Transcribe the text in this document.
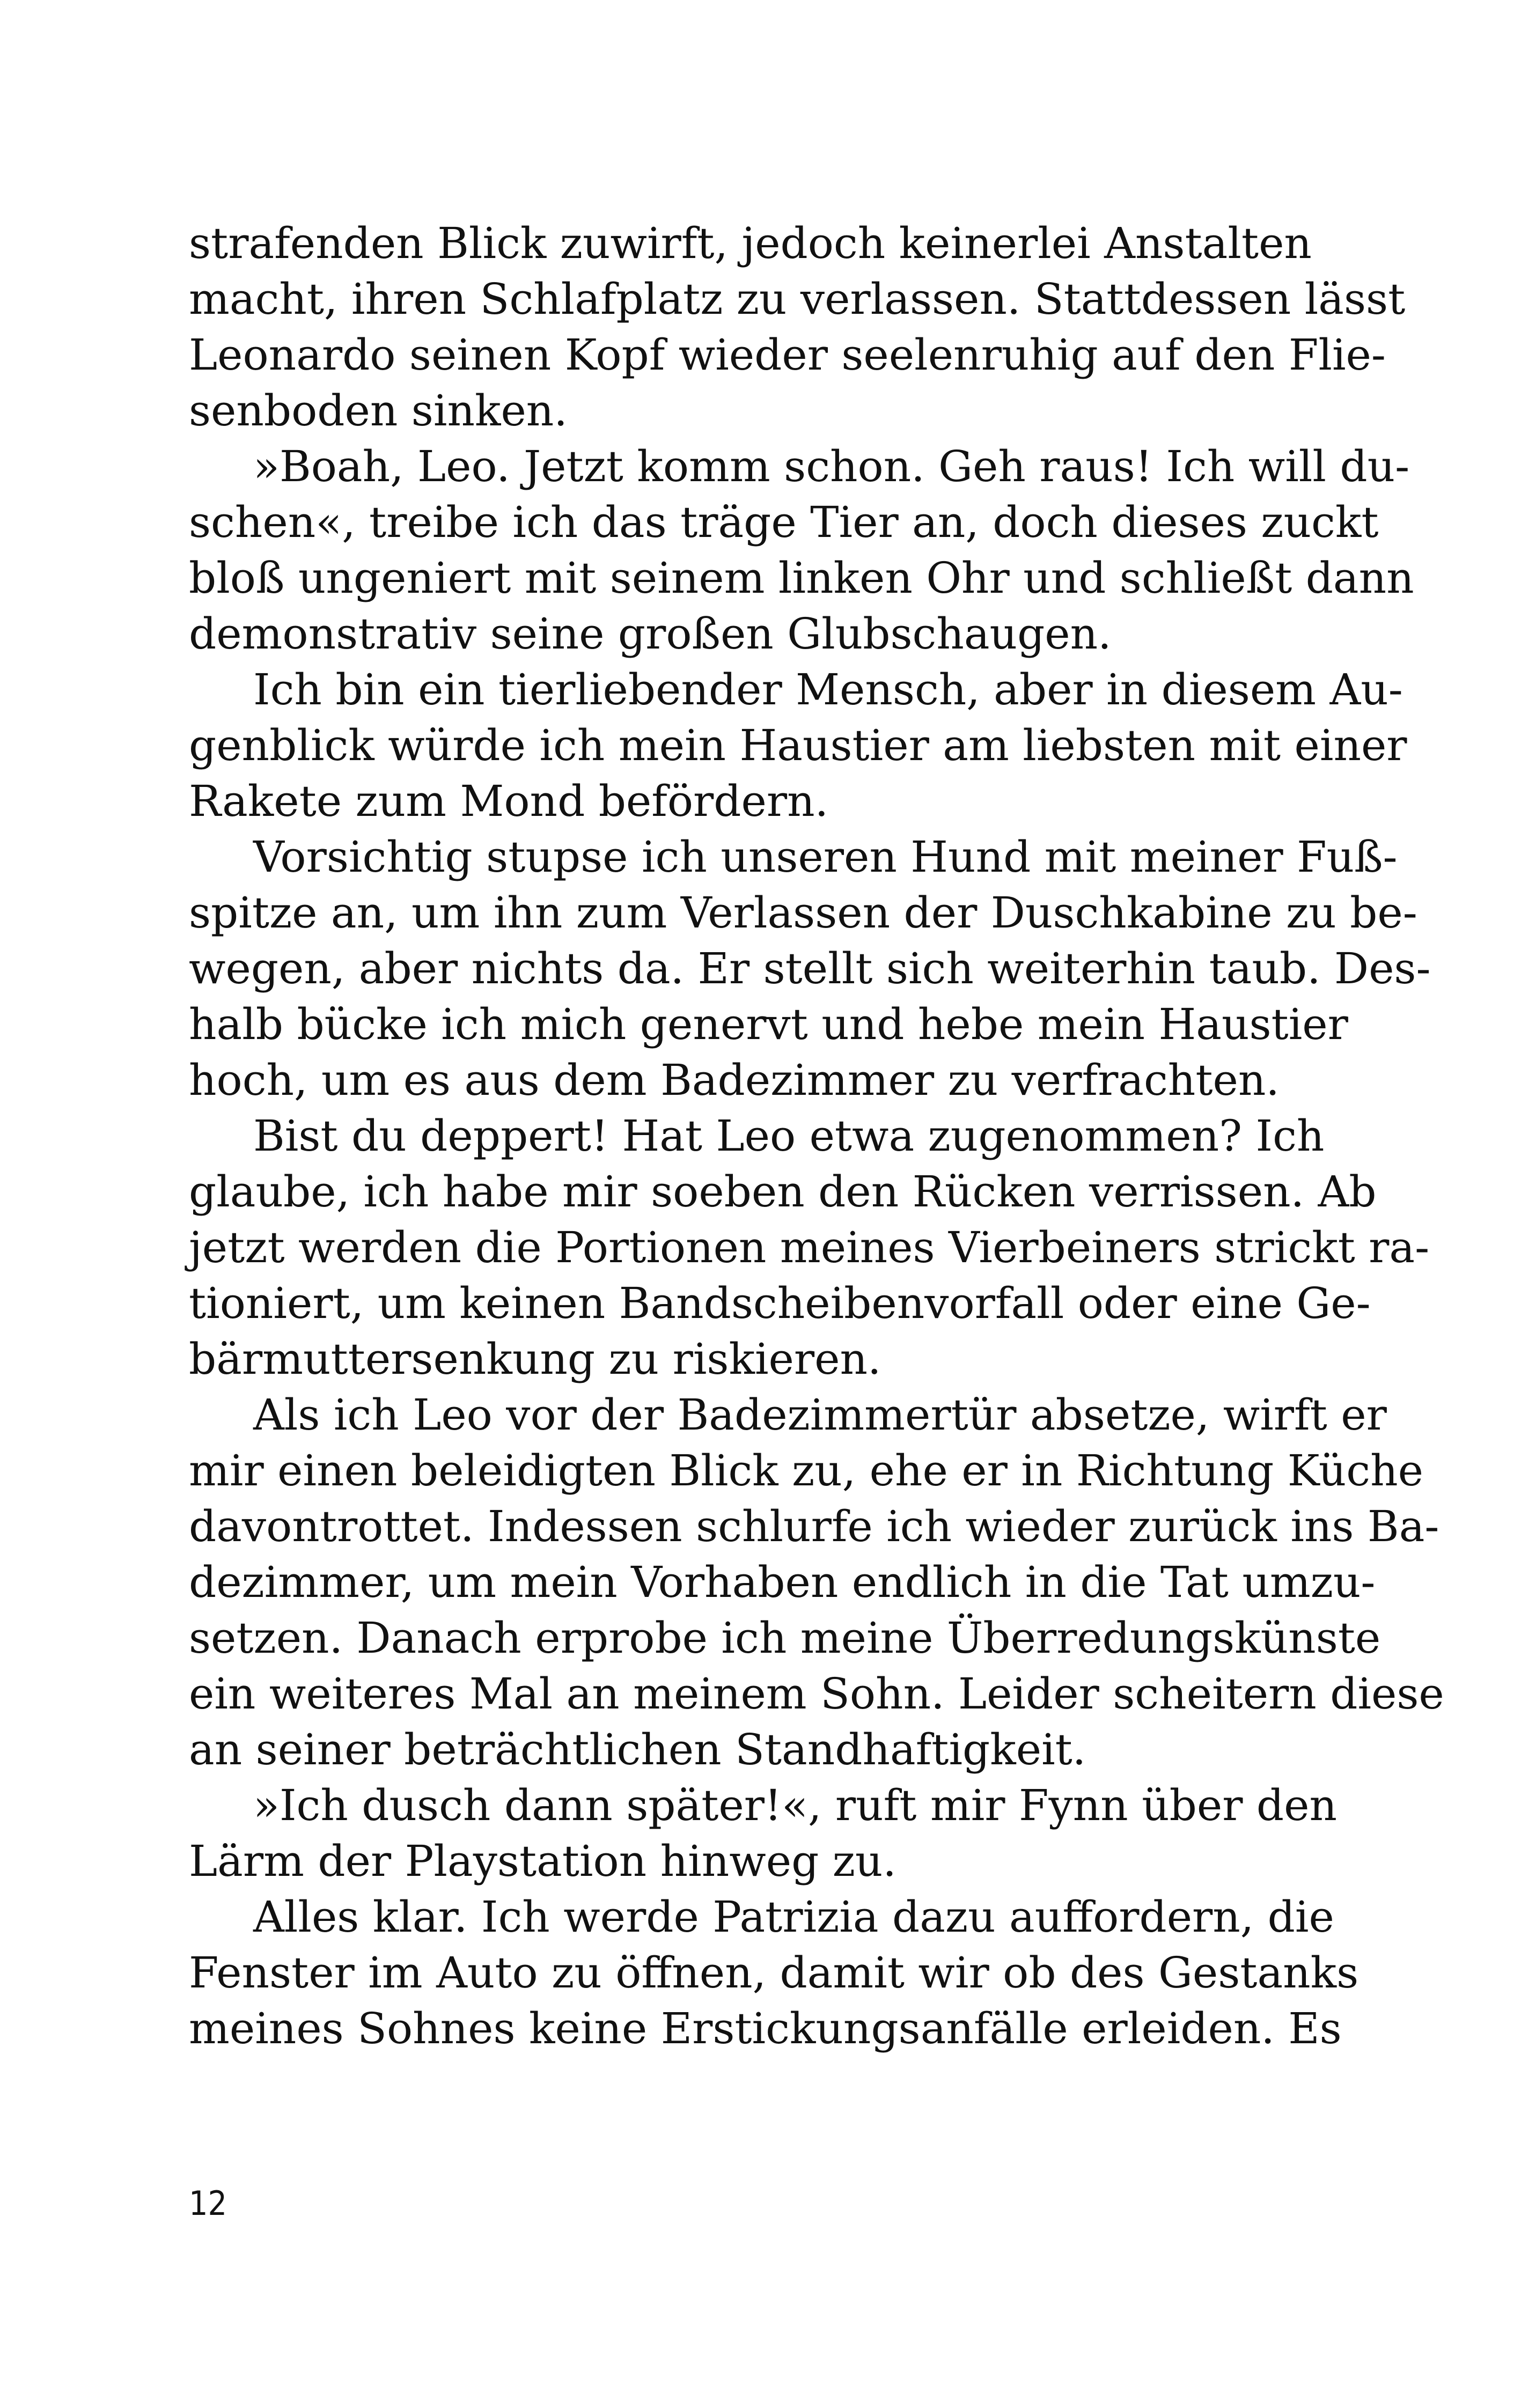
strafenden Blick zuwirft, jedoch keinerlei Anstalten
macht, ihren Schlafplatz zu verlassen. Stattdessen lässt
Leonardo seinen Kopf wieder seelenruhig auf den Flie-
senboden sinken.
»Boah, Leo. Jetzt komm schon. Geh raus! Ich will du-
schen«, treibe ich das träge Tier an, doch dieses zuckt
bloß ungeniert mit seinem linken Ohr und schließt dann
demonstrativ seine großen Glubschaugen.
Ich bin ein tierliebender Mensch, aber in diesem Au-
genblick würde ich mein Haustier am liebsten mit einer
Rakete zum Mond befördern.
Vorsichtig stupse ich unseren Hund mit meiner Fuß-
spitze an, um ihn zum Verlassen der Duschkabine zu be-
wegen, aber nichts da. Er stellt sich weiterhin taub. Des-
halb bücke ich mich genervt und hebe mein Haustier
hoch, um es aus dem Badezimmer zu verfrachten.
Bist du deppert! Hat Leo etwa zugenommen? Ich
glaube, ich habe mir soeben den Rücken verrissen. Ab
jetzt werden die Portionen meines Vierbeiners strickt ra-
tioniert, um keinen Bandscheibenvorfall oder eine Ge-
bärmuttersenkung zu riskieren.
Als ich Leo vor der Badezimmertür absetze, wirft er
mir einen beleidigten Blick zu, ehe er in Richtung Küche
davontrottet. Indessen schlurfe ich wieder zurück ins Ba-
dezimmer, um mein Vorhaben endlich in die Tat umzu-
setzen. Danach erprobe ich meine Überredungskünste
ein weiteres Mal an meinem Sohn. Leider scheitern diese
an seiner beträchtlichen Standhaftigkeit.
»Ich dusch dann später!«, ruft mir Fynn über den
Lärm der Playstation hinweg zu.
Alles klar. Ich werde Patrizia dazu auffordern, die
Fenster im Auto zu öffnen, damit wir ob des Gestanks
meines Sohnes keine Erstickungsanfälle erleiden. Es
12
